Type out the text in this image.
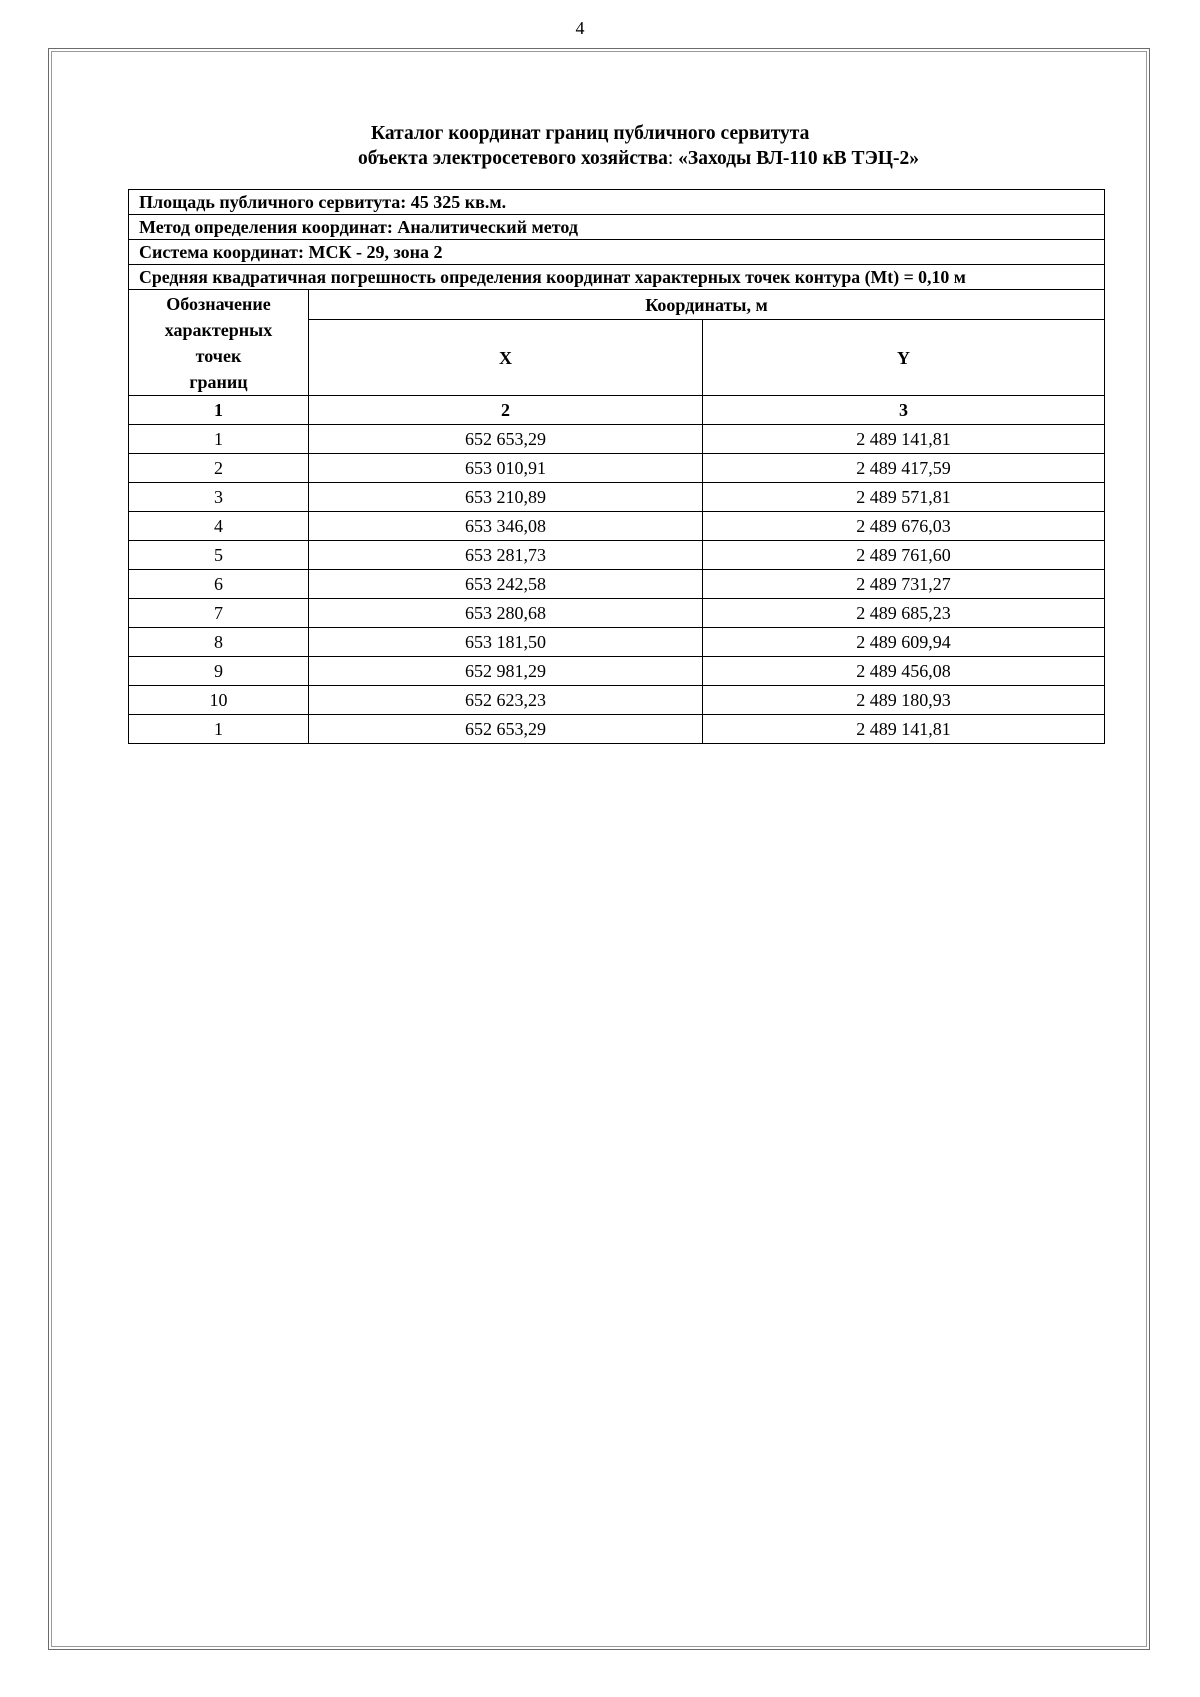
4
Каталог координат границ публичного сервитута
объекта электросетевого хозяйства: «Заходы ВЛ-110 кВ ТЭЦ-2»
Площадь публичного сервитута: 45 325 кв.м.		
Метод определения координат: Аналитический метод		
Система координат: МСК - 29, зона 2		
Средняя квадратичная погрешность определения координат характерных точек контура (Mt) = 0,10 м		

Обозначение
характерных
точек
границ	Координаты, м	
	X	Y
1	2	3
1	652 653,29	2 489 141,81
2	653 010,91	2 489 417,59
3	653 210,89	2 489 571,81
4	653 346,08	2 489 676,03
5	653 281,73	2 489 761,60
6	653 242,58	2 489 731,27
7	653 280,68	2 489 685,23
8	653 181,50	2 489 609,94
9	652 981,29	2 489 456,08
10	652 623,23	2 489 180,93
1	652 653,29	2 489 141,81
